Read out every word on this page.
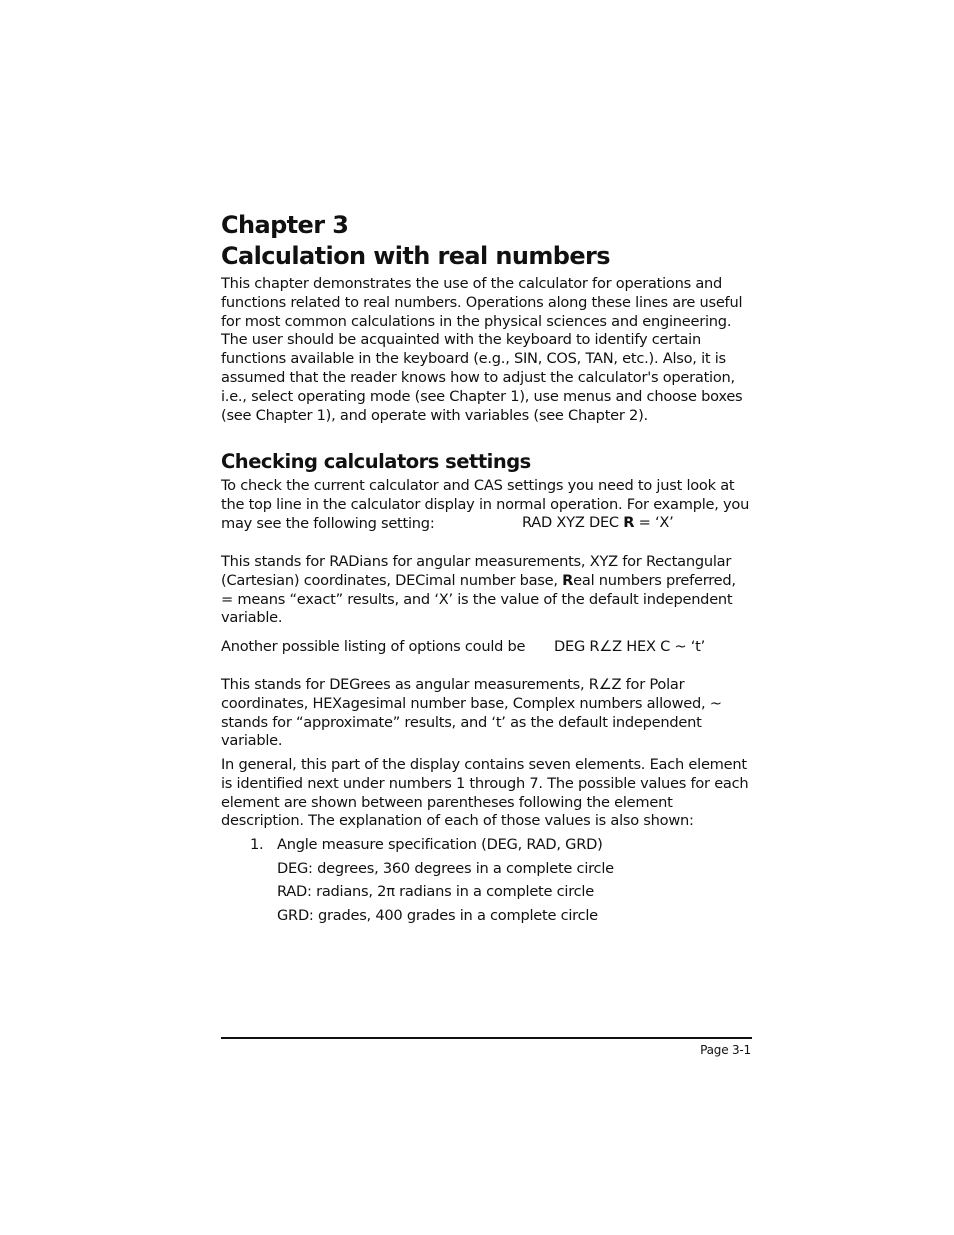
Chapter 3
Calculation with real numbers

This chapter demonstrates the use of the calculator for operations and functions related to real numbers. Operations along these lines are useful for most common calculations in the physical sciences and engineering. The user should be acquainted with the keyboard to identify certain functions available in the keyboard (e.g., SIN, COS, TAN, etc.). Also, it is assumed that the reader knows how to adjust the calculator's operation, i.e., select operating mode (see Chapter 1), use menus and choose boxes (see Chapter 1), and operate with variables (see Chapter 2).

Checking calculators settings

To check the current calculator and CAS settings you need to just look at the top line in the calculator display in normal operation. For example, you may see the following setting:	RAD XYZ DEC R = ‘X’

This stands for RADians for angular measurements, XYZ for Rectangular (Cartesian) coordinates, DECimal number base, Real numbers preferred, = means “exact” results, and ‘X’ is the value of the default independent variable.

Another possible listing of options could be DEG R∠Z HEX C ~ ‘t’

This stands for DEGrees as angular measurements, R∠Z for Polar coordinates, HEXagesimal number base, Complex numbers allowed, ~ stands for “approximate” results, and ‘t’ as the default independent variable.

In general, this part of the display contains seven elements. Each element is identified next under numbers 1 through 7. The possible values for each element are shown between parentheses following the element description. The explanation of each of those values is also shown:

1. Angle measure specification (DEG, RAD, GRD)
DEG: degrees, 360 degrees in a complete circle
RAD: radians, 2π radians in a complete circle
GRD: grades, 400 grades in a complete circle
Page 3-1
